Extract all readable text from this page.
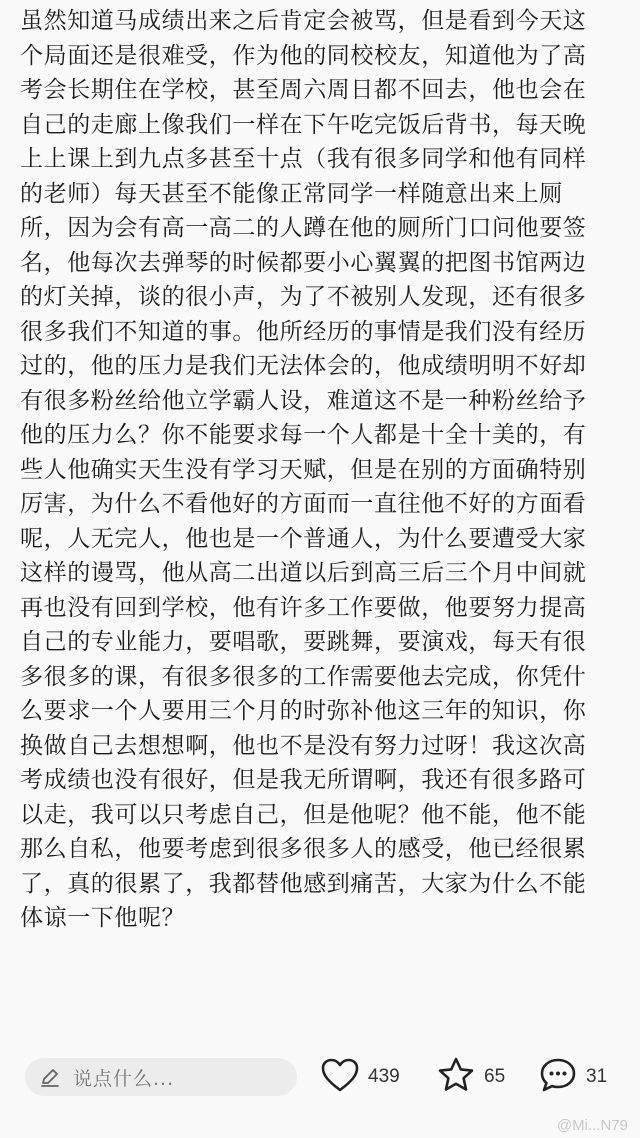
虽然知道马成绩出来之后肯定会被骂，但是看到今天这
个局面还是很难受，作为他的同校校友，知道他为了高
考会长期住在学校，甚至周六周日都不回去，他也会在
自己的走廊上像我们一样在下午吃完饭后背书，每天晚
上上课上到九点多甚至十点（我有很多同学和他有同样
的老师）每天甚至不能像正常同学一样随意出来上厕
所，因为会有高一高二的人蹲在他的厕所门口问他要签
名，他每次去弹琴的时候都要小心翼翼的把图书馆两边
的灯关掉，谈的很小声，为了不被别人发现，还有很多
很多我们不知道的事。他所经历的事情是我们没有经历
过的，他的压力是我们无法体会的，他成绩明明不好却
有很多粉丝给他立学霸人设，难道这不是一种粉丝给予
他的压力么？你不能要求每一个人都是十全十美的，有
些人他确实天生没有学习天赋，但是在别的方面确特别
厉害，为什么不看他好的方面而一直往他不好的方面看
呢，人无完人，他也是一个普通人，为什么要遭受大家
这样的谩骂，他从高二出道以后到高三后三个月中间就
再也没有回到学校，他有许多工作要做，他要努力提高
自己的专业能力，要唱歌，要跳舞，要演戏，每天有很
多很多的课，有很多很多的工作需要他去完成，你凭什
么要求一个人要用三个月的时弥补他这三年的知识，你
换做自己去想想啊，他也不是没有努力过呀！我这次高
考成绩也没有很好，但是我无所谓啊，我还有很多路可
以走，我可以只考虑自己，但是他呢？他不能，他不能
那么自私，他要考虑到很多很多人的感受，他已经很累
了，真的很累了，我都替他感到痛苦，大家为什么不能
体谅一下他呢？
说点什么...	439	65	31
@Mi...N79
